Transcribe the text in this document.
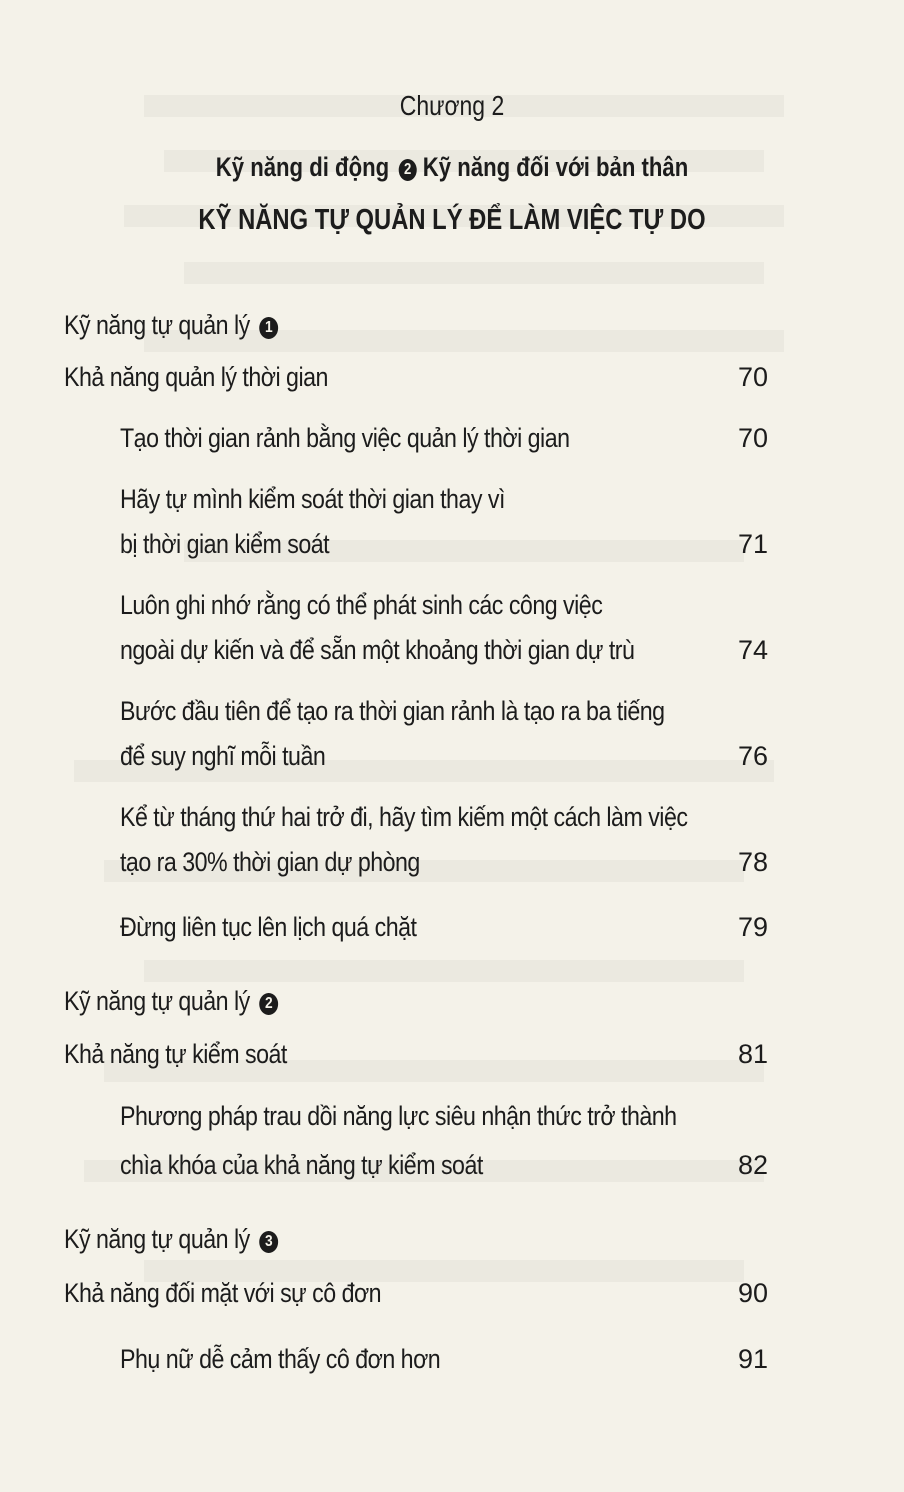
Chương 2
Kỹ năng di động 2 Kỹ năng đối với bản thân
KỸ NĂNG TỰ QUẢN LÝ ĐỂ LÀM VIỆC TỰ DO
Kỹ năng tự quản lý 1
Khả năng quản lý thời gian	70
Tạo thời gian rảnh bằng việc quản lý thời gian	70
Hãy tự mình kiểm soát thời gian thay vì
bị thời gian kiểm soát	71
Luôn ghi nhớ rằng có thể phát sinh các công việc
ngoài dự kiến và để sẵn một khoảng thời gian dự trù	74
Bước đầu tiên để tạo ra thời gian rảnh là tạo ra ba tiếng
để suy nghĩ mỗi tuần	76
Kể từ tháng thứ hai trở đi, hãy tìm kiếm một cách làm việc
tạo ra 30% thời gian dự phòng	78
Đừng liên tục lên lịch quá chặt	79
Kỹ năng tự quản lý 2
Khả năng tự kiểm soát	81
Phương pháp trau dồi năng lực siêu nhận thức trở thành
chìa khóa của khả năng tự kiểm soát	82
Kỹ năng tự quản lý 3
Khả năng đối mặt với sự cô đơn	90
Phụ nữ dễ cảm thấy cô đơn hơn	91
